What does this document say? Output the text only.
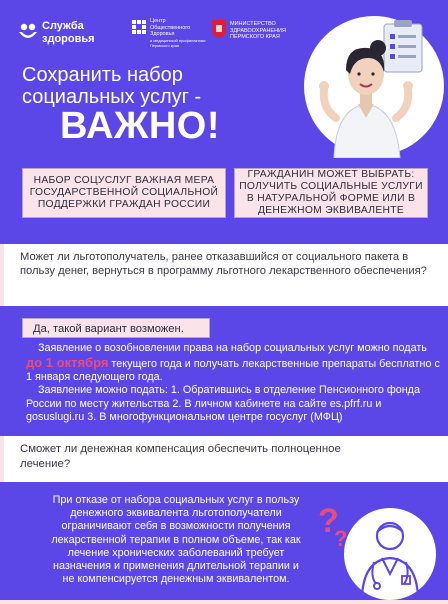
Служба
здоровья
Центр
Общественного
Здоровья
и медицинской профилактики
Пермского края
МИНИСТЕРСТВО
ЗДРАВООХРАНЕНИЯ
ПЕРМСКОГО КРАЯ
Сохранить набор
социальных услуг -
ВАЖНО!
НАБОР СОЦУСЛУГ ВАЖНАЯ МЕРА ГОСУДАРСТВЕННОЙ СОЦИАЛЬНОЙ ПОДДЕРЖКИ ГРАЖДАН РОССИИ
ГРАЖДАНИН МОЖЕТ ВЫБРАТЬ: ПОЛУЧИТЬ СОЦИАЛЬНЫЕ УСЛУГИ В НАТУРАЛЬНОЙ ФОРМЕ ИЛИ В ДЕНЕЖНОМ ЭКВИВАЛЕНТЕ
Может ли льготополучатель, ранее отказавшийся от социального пакета в пользу денег, вернуться в программу льготного лекарственного обеспечения?
Да, такой вариант возможен.
Заявление о возобновлении права на набор социальных услуг можно подать до 1 октября текущего года и получать лекарственные препараты бесплатно с 1 января следующего года.
Заявление можно подать: 1. Обратившись в отделение Пенсионного фонда России по месту жительства 2. В личном кабинете на сайте es.pfrf.ru и gosuslugi.ru 3. В многофункциональном центре госуслуг (МФЦ)
Сможет ли денежная компенсация обеспечить полноценное лечение?
При отказе от набора социальных услуг в пользу денежного эквивалента льготополучатели ограничивают себя в возможности получения лекарственной терапии в полном объеме, так как лечение хронических заболеваний требует назначения и применения длительной терапии и не компенсируется денежным эквивалентом.
?
?
